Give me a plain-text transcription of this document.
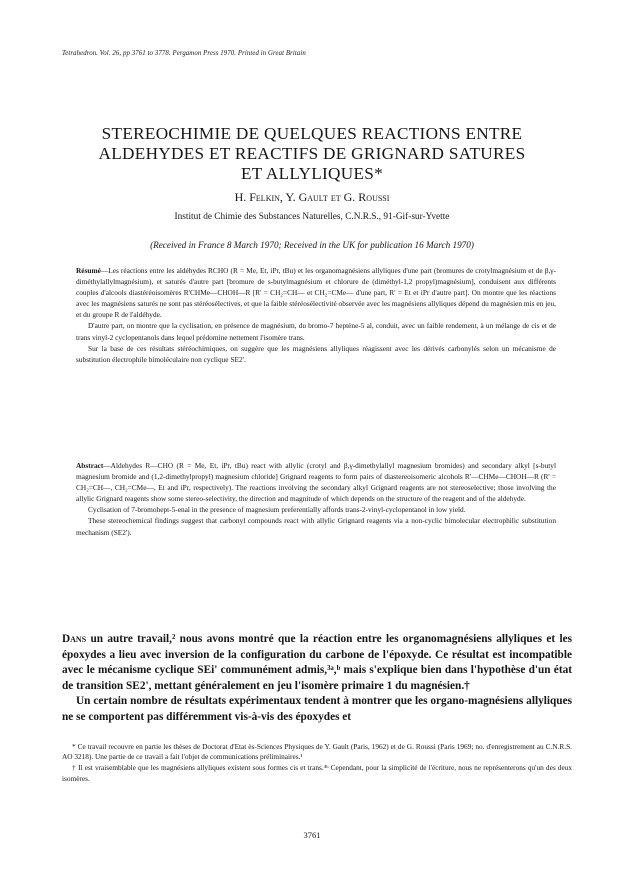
Tetrahedron. Vol. 26, pp 3761 to 3778. Pergamon Press 1970. Printed in Great Britain
STEREOCHIMIE DE QUELQUES REACTIONS ENTRE
ALDEHYDES ET REACTIFS DE GRIGNARD SATURES
ET ALLYLIQUES*
H. Felkin, Y. Gault et G. Roussi
Institut de Chimie des Substances Naturelles, C.N.R.S., 91-Gif-sur-Yvette
(Received in France 8 March 1970; Received in the UK for publication 16 March 1970)

Résumé—Les réactions entre les aldéhydes RCHO (R = Me, Et, iPr, tBu) et les organomagnésiens allyliques d'une part (bromures de crotylmagnésium et de β,γ-diméthylallylmagnésium), et saturés d'autre part [bromure de s-butylmagnésium et chlorure de (diméthyl-1,2 propyl)magnésium], conduisent aux différents couples d'alcools diastéréoisomères R'CHMe—CHOH—R [R' = CH₂=CH— et CH₂=CMe— d'une part, R' = Et et iPr d'autre part]. On montre que les réactions avec les magnésiens saturés ne sont pas stéréosélectives, et que la faible stéréosélectivité observée avec les magnésiens allyliques dépend du magnésien mis en jeu, et du groupe R de l'aldéhyde.

D'autre part, on montre que la cyclisation, en présence de magnésium, du bromo-7 heptène-5 al, conduit, avec un faible rendement, à un mélange de cis et de trans vinyl-2 cyclopentanols dans lequel prédomine nettement l'isomère trans.

Sur la base de ces résultats stéréochimiques, on suggère que les magnésiens allyliques réagissent avec les dérivés carbonylés selon un mécanisme de substitution électrophile bimoléculaire non cyclique SE2'.

Abstract—Aldehydes R—CHO (R = Me, Et, iPr, tBu) react with allylic (crotyl and β,γ-dimethylallyl magnesium bromides) and secondary alkyl [s-butyl magnesium bromide and (1,2-dimethylpropyl) magnesium chloride] Grignard reagents to form pairs of diastereoisomeric alcohols R'—CHMe—CHOH—R (R' = CH₂=CH—, CH₂=CMe—, Et and iPr, respectively). The reactions involving the secondary alkyl Grignard reagents are not stereoselective; those involving the allylic Grignard reagents show some stereo-selectivity, the direction and magnitude of which depends on the structure of the reagent and of the aldehyde.

Cyclisation of 7-bromohept-5-enal in the presence of magnesium preferentially affords trans-2-vinyl-cyclopentanol in low yield.

These stereochemical findings suggest that carbonyl compounds react with allylic Grignard reagents via a non-cyclic bimolecular electrophilic substitution mechanism (SE2').

Dans un autre travail,² nous avons montré que la réaction entre les organomagnésiens allyliques et les époxydes a lieu avec inversion de la configuration du carbone de l'époxyde. Ce résultat est incompatible avec le mécanisme cyclique SEi' communément admis,³ᵃ,ᵇ mais s'explique bien dans l'hypothèse d'un état de transition SE2', mettant généralement en jeu l'isomère primaire 1 du magnésien.†

Un certain nombre de résultats expérimentaux tendent à montrer que les organo-magnésiens allyliques ne se comportent pas différemment vis-à-vis des époxydes et

* Ce travail recouvre en partie les thèses de Doctorat d'Etat ès-Sciences Physiques de Y. Gault (Paris, 1962) et de G. Roussi (Paris 1969; no. d'enregistrement au C.N.R.S. AO 3218). Une partie de ce travail a fait l'objet de communications préliminaires.¹

† Il est vraisemblable que les magnésiens allyliques existent sous formes cis et trans.⁴ᵇ Cependant, pour la simplicité de l'écriture, nous ne représenterons qu'un des deux isomères.

3761
